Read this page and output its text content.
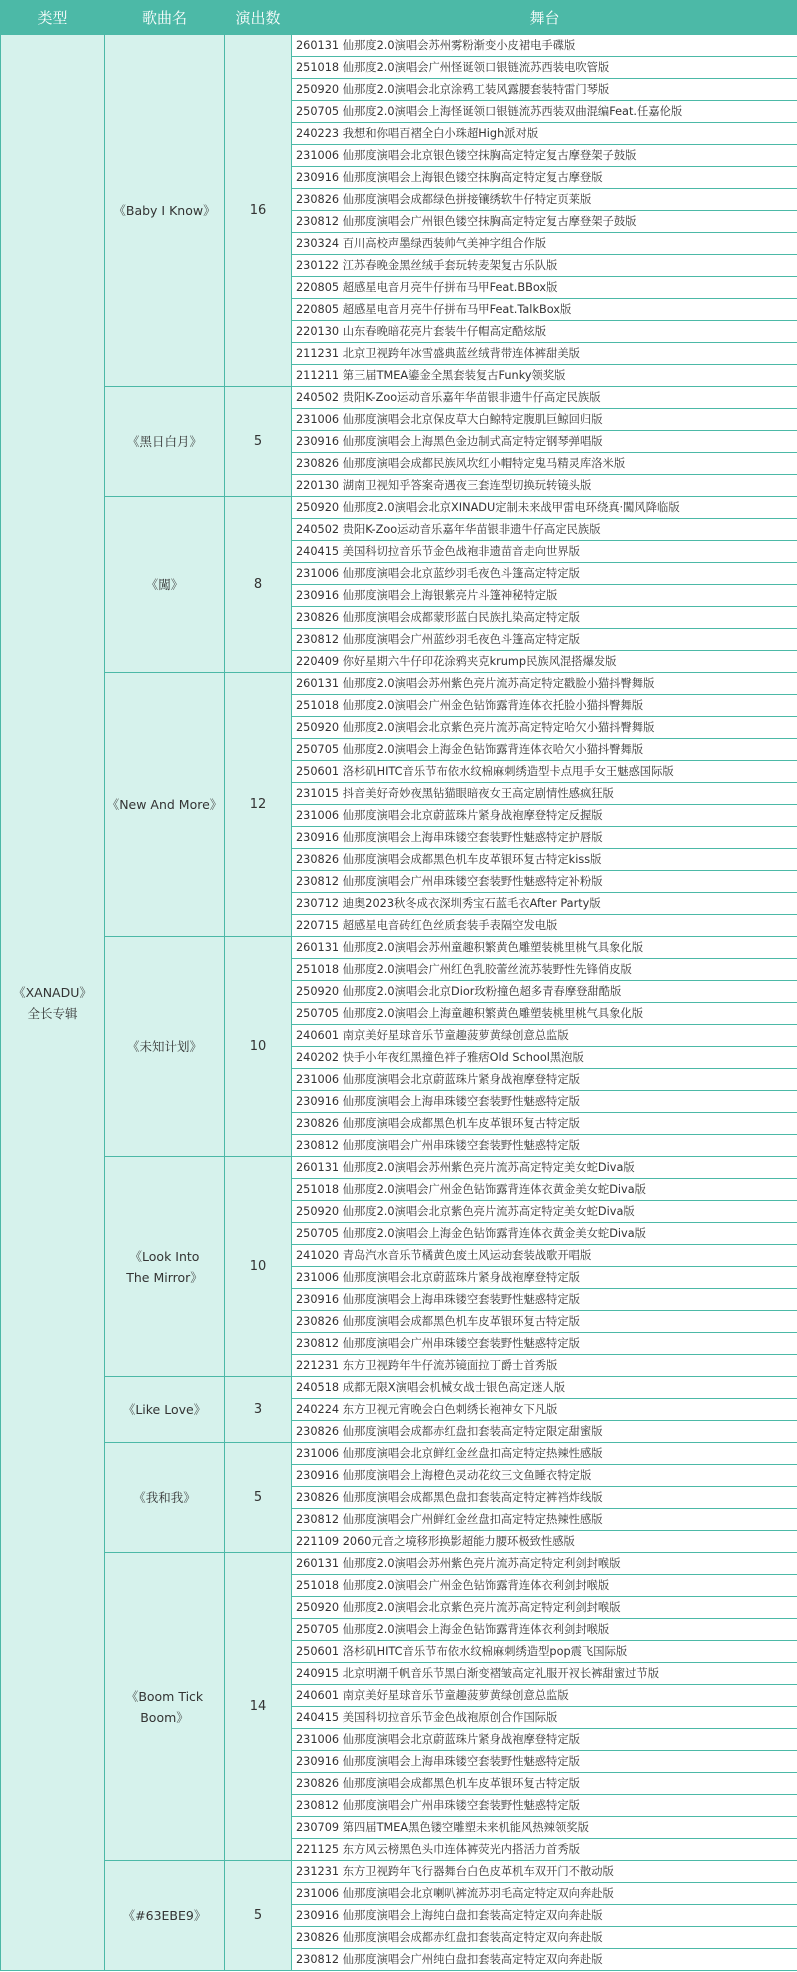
类型	歌曲名	演出数	舞台

《XANADU》
全长专辑	《Baby I Know》	16	260131 仙那度2.0演唱会苏州雾粉渐变小皮裙电手碟版
			251018 仙那度2.0演唱会广州怪诞领口银链流苏西装电吹管版
			250920 仙那度2.0演唱会北京涂鸦工装风露腰套装特雷门琴版
			250705 仙那度2.0演唱会上海怪诞领口银链流苏西装双曲混编Feat.任嘉伦版
			240223 我想和你唱百褶全白小珠超High派对版
			231006 仙那度演唱会北京银色镂空抹胸高定特定复古摩登架子鼓版
			230916 仙那度演唱会上海银色镂空抹胸高定特定复古摩登版
			230826 仙那度演唱会成都绿色拼接镶绣软牛仔特定页莱版
			230812 仙那度演唱会广州银色镂空抹胸高定特定复古摩登架子鼓版
			230324 百川高校声墨绿西装帅气美神字组合作版
			230122 江苏春晚金黑丝绒手套玩转麦架复古乐队版
			220805 超感星电音月亮牛仔拼布马甲Feat.BBox版
			220805 超感星电音月亮牛仔拼布马甲Feat.TalkBox版
			220130 山东春晚暗花亮片套装牛仔帽高定酷炫版
			211231 北京卫视跨年冰雪盛典蓝丝绒背带连体裤甜美版
			211211 第三届TMEA鎏金全黑套装复古Funky领奖版
	《黑日白月》	5	240502 贵阳K-Zoo运动音乐嘉年华苗银非遗牛仔高定民族版
			231006 仙那度演唱会北京保皮草大白鲸特定腹肌巨鲸回归版
			230916 仙那度演唱会上海黑色金边制式高定特定钢琴弹唱版
			230826 仙那度演唱会成都民族风坎红小帽特定鬼马精灵库洛米版
			220130 湖南卫视知乎答案奇遇夜三套连型切换玩转镜头版
	《闖》	8	250920 仙那度2.0演唱会北京XINADU定制未来战甲雷电环绕真·闖风降临版
			240502 贵阳K-Zoo运动音乐嘉年华苗银非遗牛仔高定民族版
			240415 美国科切拉音乐节金色战袍非遗苗音走向世界版
			231006 仙那度演唱会北京蓝纱羽毛夜色斗篷高定特定版
			230916 仙那度演唱会上海银紫亮片斗篷神秘特定版
			230826 仙那度演唱会成都蒙形蓝白民族扎染高定特定版
			230812 仙那度演唱会广州蓝纱羽毛夜色斗篷高定特定版
			220409 你好星期六牛仔印花涂鸦夹克krump民族风混搭爆发版
	《New And More》	12	260131 仙那度2.0演唱会苏州紫色亮片流苏高定特定戳脸小猫抖臀舞版
			251018 仙那度2.0演唱会广州金色钻饰露背连体衣托脸小猫抖臀舞版
			250920 仙那度2.0演唱会北京紫色亮片流苏高定特定哈欠小猫抖臀舞版
			250705 仙那度2.0演唱会上海金色钻饰露背连体衣哈欠小猫抖臀舞版
			250601 洛杉矶HITC音乐节布依水纹棉麻刺绣造型卡点甩手女王魅惑国际版
			231015 抖音美好奇妙夜黑钻猫眼暗夜女王高定剧情性感疯狂版
			231006 仙那度演唱会北京蔚蓝珠片紧身战袍摩登特定反握版
			230916 仙那度演唱会上海串珠镂空套装野性魅惑特定护唇版
			230826 仙那度演唱会成都黑色机车皮革银环复古特定kiss版
			230812 仙那度演唱会广州串珠镂空套装野性魅惑特定补粉版
			230712 迪奥2023秋冬成衣深圳秀宝石蓝毛衣After Party版
			220715 超感星电音砖红色丝质套装手表隔空发电版
	《未知计划》	10	260131 仙那度2.0演唱会苏州童趣积繁黄色雕塑装桃里桃气具象化版
			251018 仙那度2.0演唱会广州红色乳胶蕾丝流苏装野性先锋俏皮版
			250920 仙那度2.0演唱会北京Dior玫粉撞色超多青春摩登甜酷版
			250705 仙那度2.0演唱会上海童趣积繁黄色雕塑装桃里桃气具象化版
			240601 南京美好星球音乐节童趣菠萝黄绿创意总监版
			240202 快手小年夜红黑撞色袢子雅痞Old School黑泡版
			231006 仙那度演唱会北京蔚蓝珠片紧身战袍摩登特定版
			230916 仙那度演唱会上海串珠镂空套装野性魅惑特定版
			230826 仙那度演唱会成都黑色机车皮革银环复古特定版
			230812 仙那度演唱会广州串珠镂空套装野性魅惑特定版

	《Look Into
The Mirror》	10	260131 仙那度2.0演唱会苏州紫色亮片流苏高定特定美女蛇Diva版
			251018 仙那度2.0演唱会广州金色钻饰露背连体衣黄金美女蛇Diva版
			250920 仙那度2.0演唱会北京紫色亮片流苏高定特定美女蛇Diva版
			250705 仙那度2.0演唱会上海金色钻饰露背连体衣黄金美女蛇Diva版
			241020 青岛汽水音乐节橘黄色废土风运动套装战歌开唱版
			231006 仙那度演唱会北京蔚蓝珠片紧身战袍摩登特定版
			230916 仙那度演唱会上海串珠镂空套装野性魅惑特定版
			230826 仙那度演唱会成都黑色机车皮革银环复古特定版
			230812 仙那度演唱会广州串珠镂空套装野性魅惑特定版
			221231 东方卫视跨年牛仔流苏镜面拉丁爵士首秀版
	《Like Love》	3	240518 成都无限X演唱会机械女战士银色高定迷人版
			240224 东方卫视元宵晚会白色刺绣长袍神女下凡版
			230826 仙那度演唱会成都赤红盘扣套装高定特定限定甜蜜版
	《我和我》	5	231006 仙那度演唱会北京鲜红金丝盘扣高定特定热辣性感版
			230916 仙那度演唱会上海橙色灵动花纹三文鱼睡衣特定版
			230826 仙那度演唱会成都黑色盘扣套装高定特定裤裆炸线版
			230812 仙那度演唱会广州鲜红金丝盘扣高定特定热辣性感版
			221109 2060元音之境移形换影超能力腰环极致性感版
	《Boom Tick Boom》	14	260131 仙那度2.0演唱会苏州紫色亮片流苏高定特定利剑封喉版
			251018 仙那度2.0演唱会广州金色钻饰露背连体衣利剑封喉版
			250920 仙那度2.0演唱会北京紫色亮片流苏高定特定利剑封喉版
			250705 仙那度2.0演唱会上海金色钻饰露背连体衣利剑封喉版
			250601 洛杉矶HITC音乐节布依水纹棉麻刺绣造型pop震飞国际版
			240915 北京明潮千帆音乐节黑白渐变褶皱高定礼服开衩长裤甜蜜过节版
			240601 南京美好星球音乐节童趣菠萝黄绿创意总监版
			240415 美国科切拉音乐节金色战袍原创合作国际版
			231006 仙那度演唱会北京蔚蓝珠片紧身战袍摩登特定版
			230916 仙那度演唱会上海串珠镂空套装野性魅惑特定版
			230826 仙那度演唱会成都黑色机车皮革银环复古特定版
			230812 仙那度演唱会广州串珠镂空套装野性魅惑特定版
			230709 第四届TMEA黑色镂空雕塑未来机能风热辣领奖版
			221125 东方风云榜黑色头巾连体裤荧光内搭活力首秀版
	《#63EBE9》	5	231231 东方卫视跨年飞行器舞台白色皮革机车双开门不散动版
			231006 仙那度演唱会北京喇叭裤流苏羽毛高定特定双向奔赴版
			230916 仙那度演唱会上海纯白盘扣套装高定特定双向奔赴版
			230826 仙那度演唱会成都赤红盘扣套装高定特定双向奔赴版
			230812 仙那度演唱会广州纯白盘扣套装高定特定双向奔赴版
